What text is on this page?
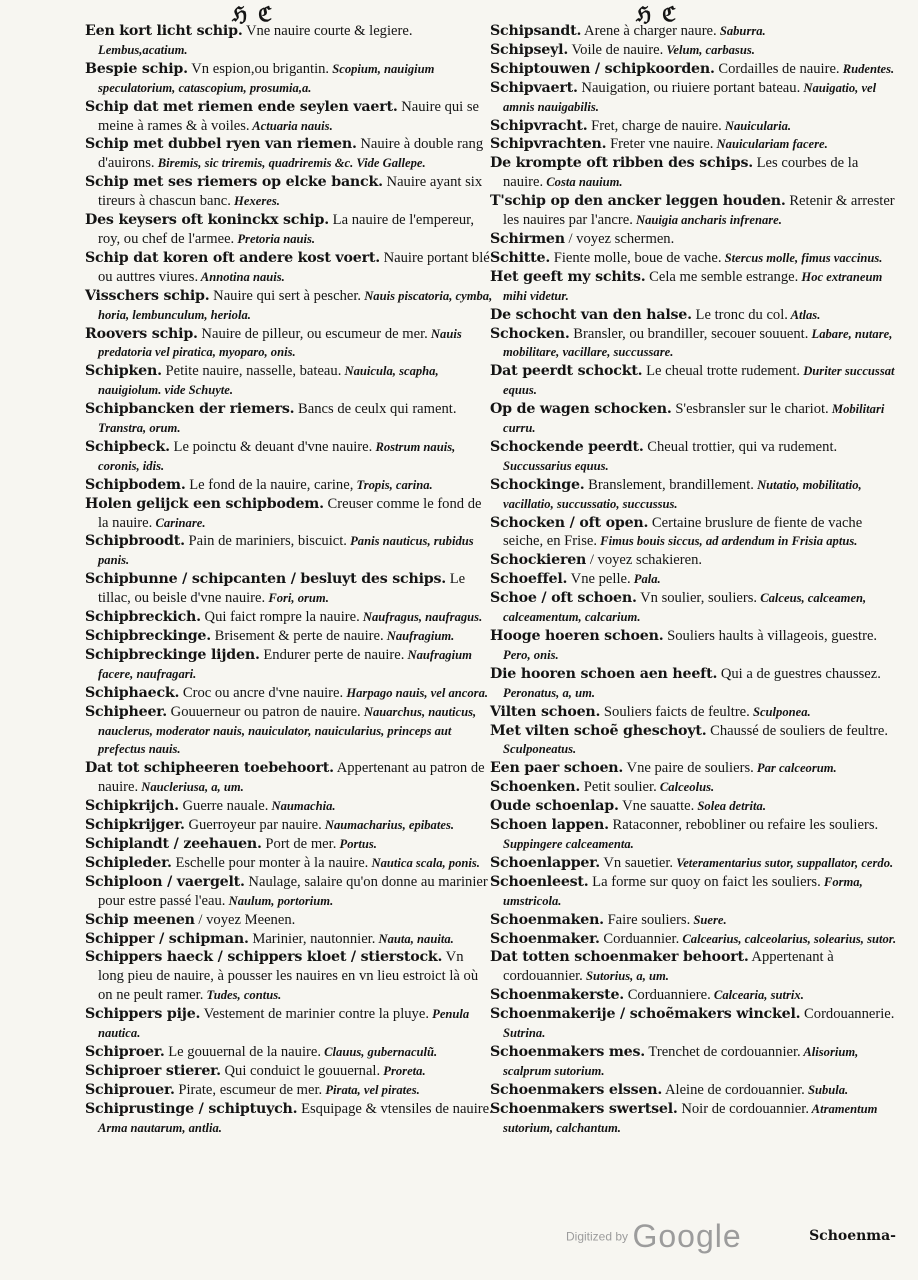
ℌ ℭ	ℌ ℭ

Een kort licht schip. Vne nauire courte & legiere. Lembus,acatium.

Bespie schip. Vn espion,ou brigantin. Scopium, nauigium speculatorium, catascopium, prosumia,a.

Schip dat met riemen ende seylen vaert. Nauire qui se meine à rames & à voiles. Actuaria nauis.

Schip met dubbel ryen van riemen. Nauire à double rang d'auirons. Biremis, sic triremis, quadriremis &c. Vide Gallepe.

Schip met ses riemers op elcke banck. Nauire ayant six tireurs à chascun banc. Hexeres.

Des keysers oft koninckx schip. La nauire de l'empereur, roy, ou chef de l'armee. Pretoria nauis.

Schip dat koren oft andere kost voert. Nauire portant blé ou auttres viures. Annotina nauis.

Visschers schip. Nauire qui sert à pescher. Nauis piscatoria, cymba, horia, lembunculum, heriola.

Roovers schip. Nauire de pilleur, ou escumeur de mer. Nauis predatoria vel piratica, myoparo, onis.

Schipken. Petite nauire, nasselle, bateau. Nauicula, scapha, nauigiolum. vide Schuyte.

Schipbancken der riemers. Bancs de ceulx qui rament. Transtra, orum.

Schipbeck. Le poinctu & deuant d'vne nauire. Rostrum nauis, coronis, idis.

Schipbodem. Le fond de la nauire, carine, Tropis, carina.

Holen gelijck een schipbodem. Creuser comme le fond de la nauire. Carinare.

Schipbroodt. Pain de mariniers, biscuict. Panis nauticus, rubidus panis.

Schipbunne / schipcanten / besluyt des schips. Le tillac, ou beisle d'vne nauire. Fori, orum.

Schipbreckich. Qui faict rompre la nauire. Naufragus, naufragus.

Schipbreckinge. Brisement & perte de nauire. Naufragium.

Schipbreckinge lijden. Endurer perte de nauire. Naufragium facere, naufragari.

Schiphaeck. Croc ou ancre d'vne nauire. Harpago nauis, vel ancora.

Schipheer. Gouuerneur ou patron de nauire. Nauarchus, nauticus, nauclerus, moderator nauis, nauiculator, nauicularius, princeps aut prefectus nauis.

Dat tot schipheeren toebehoort. Appertenant au patron de nauire. Naucleriusa, a, um.

Schipkrijch. Guerre nauale. Naumachia.

Schipkrijger. Guerroyeur par nauire. Naumacharius, epibates.

Schiplandt / zeehauen. Port de mer. Portus.

Schipleder. Eschelle pour monter à la nauire. Nautica scala, ponis.

Schiploon / vaergelt. Naulage, salaire qu'on donne au marinier pour estre passé l'eau. Naulum, portorium.

Schip meenen / voyez Meenen.

Schipper / schipman. Marinier, nautonnier. Nauta, nauita.

Schippers haeck / schippers kloet / stierstock. Vn long pieu de nauire, à pousser les nauires en vn lieu estroict là où on ne peult ramer. Tudes, contus.

Schippers pije. Vestement de marinier contre la pluye. Penula nautica.

Schiproer. Le gouuernal de la nauire. Clauus, gubernaculũ.

Schiproer stierer. Qui conduict le gouuernal. Proreta.

Schiprouer. Pirate, escumeur de mer. Pirata, vel pirates.

Schiprustinge / schiptuych. Esquipage & vtensiles de nauire. Arma nautarum, antlia.

Schipsandt. Arene à charger naure. Saburra.

Schipseyl. Voile de nauire. Velum, carbasus.

Schiptouwen / schipkoorden. Cordailles de nauire. Rudentes.

Schipvaert. Nauigation, ou riuiere portant bateau. Nauigatio, vel amnis nauigabilis.

Schipvracht. Fret, charge de nauire. Nauicularia.

Schipvrachten. Freter vne nauire. Nauiculariam facere.

De krompte oft ribben des schips. Les courbes de la nauire. Costa nauium.

T'schip op den ancker leggen houden. Retenir & arrester les nauires par l'ancre. Nauigia ancharis infrenare.

Schirmen / voyez schermen.

Schitte. Fiente molle, boue de vache. Stercus molle, fimus vaccinus.

Het geeft my schits. Cela me semble estrange. Hoc extraneum mihi videtur.

De schocht van den halse. Le tronc du col. Atlas.

Schocken. Bransler, ou brandiller, secouer souuent. Labare, nutare, mobilitare, vacillare, succussare.

Dat peerdt schockt. Le cheual trotte rudement. Duriter succussat equus.

Op de wagen schocken. S'esbransler sur le chariot. Mobilitari curru.

Schockende peerdt. Cheual trottier, qui va rudement. Succussarius equus.

Schockinge. Branslement, brandillement. Nutatio, mobilitatio, vacillatio, succussatio, succussus.

Schocken / oft open. Certaine bruslure de fiente de vache seiche, en Frise. Fimus bouis siccus, ad ardendum in Frisia aptus.

Schockieren / voyez schakieren.

Schoeffel. Vne pelle. Pala.

Schoe / oft schoen. Vn soulier, souliers. Calceus, calceamen, calceamentum, calcarium.

Hooge hoeren schoen. Souliers haults à villageois, guestre. Pero, onis.

Die hooren schoen aen heeft. Qui a de guestres chaussez. Peronatus, a, um.

Vilten schoen. Souliers faicts de feultre. Sculponea.

Met vilten schoẽ gheschoyt. Chaussé de souliers de feultre. Sculponeatus.

Een paer schoen. Vne paire de souliers. Par calceorum.

Schoenken. Petit soulier. Calceolus.

Oude schoenlap. Vne sauatte. Solea detrita.

Schoen lappen. Rataconner, rebobliner ou refaire les souliers. Suppingere calceamenta.

Schoenlapper. Vn sauetier. Veteramentarius sutor, suppallator, cerdo.

Schoenleest. La forme sur quoy on faict les souliers. Forma, umstricola.

Schoenmaken. Faire souliers. Suere.

Schoenmaker. Corduannier. Calcearius, calceolarius, solearius, sutor.

Dat totten schoenmaker behoort. Appertenant à cordouannier. Sutorius, a, um.

Schoenmakerste. Corduanniere. Calcearia, sutrix.

Schoenmakerije / schoẽmakers winckel. Cordouannerie. Sutrina.

Schoenmakers mes. Trenchet de cordouannier. Alisorium, scalprum sutorium.

Schoenmakers elssen. Aleine de cordouannier. Subula.

Schoenmakers swertsel. Noir de cordouannier. Atramentum sutorium, calchantum.

Digitized by Google	Schoenma-
